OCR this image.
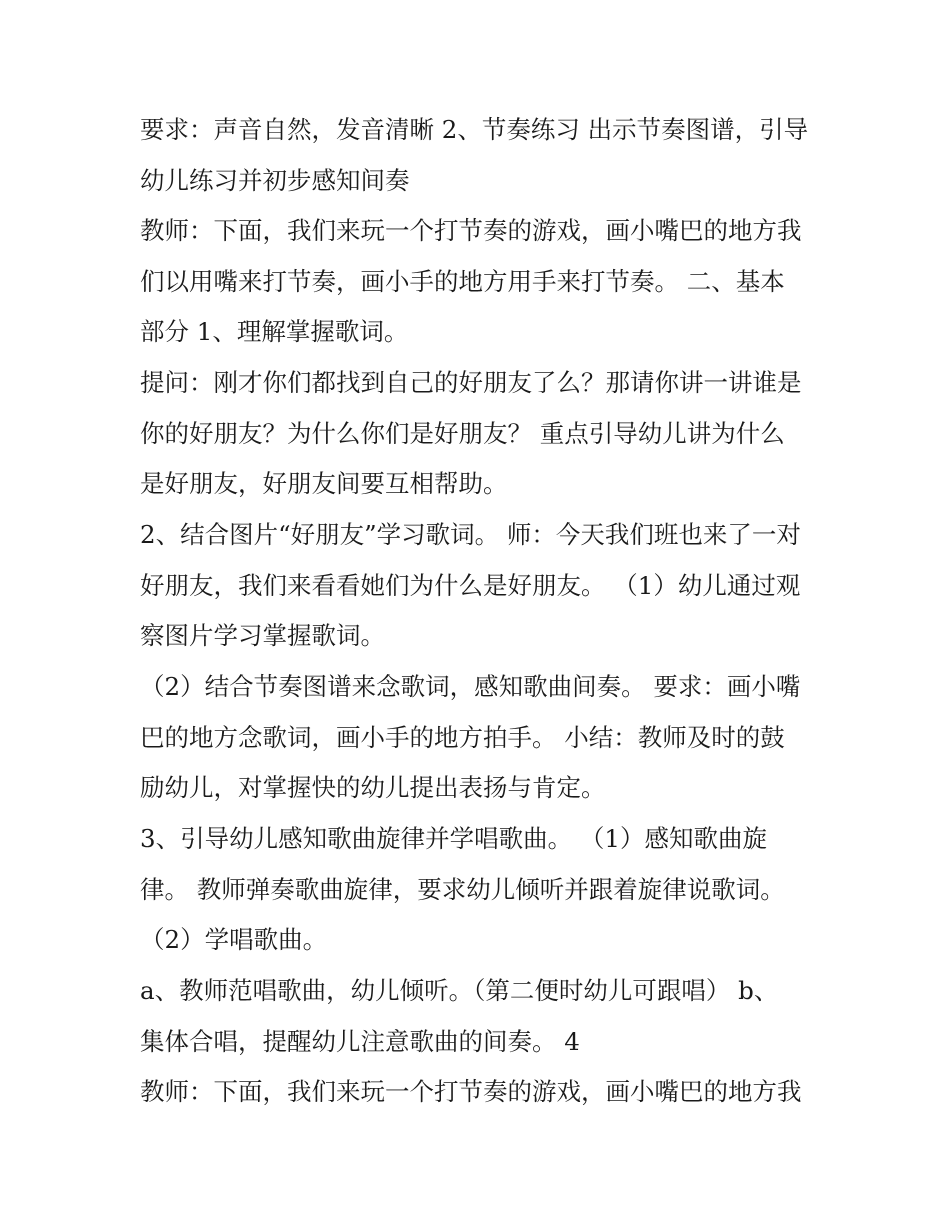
要求：声音自然，发音清晰 2、节奏练习 出示节奏图谱，引导
幼儿练习并初步感知间奏
教师：下面，我们来玩一个打节奏的游戏，画小嘴巴的地方我
们以用嘴来打节奏，画小手的地方用手来打节奏。 二、基本
部分 1、理解掌握歌词。
提问：刚才你们都找到自己的好朋友了么？那请你讲一讲谁是
你的好朋友？为什么你们是好朋友？ 重点引导幼儿讲为什么
是好朋友，好朋友间要互相帮助。
2、结合图片“好朋友”学习歌词。 师：今天我们班也来了一对
好朋友，我们来看看她们为什么是好朋友。 （1）幼儿通过观
察图片学习掌握歌词。
（2）结合节奏图谱来念歌词，感知歌曲间奏。 要求：画小嘴
巴的地方念歌词，画小手的地方拍手。 小结：教师及时的鼓
励幼儿，对掌握快的幼儿提出表扬与肯定。
3、引导幼儿感知歌曲旋律并学唱歌曲。 （1）感知歌曲旋
律。 教师弹奏歌曲旋律，要求幼儿倾听并跟着旋律说歌词。
（2）学唱歌曲。
a、教师范唱歌曲，幼儿倾听。（第二便时幼儿可跟唱） b、
集体合唱，提醒幼儿注意歌曲的间奏。 4
教师：下面，我们来玩一个打节奏的游戏，画小嘴巴的地方我
